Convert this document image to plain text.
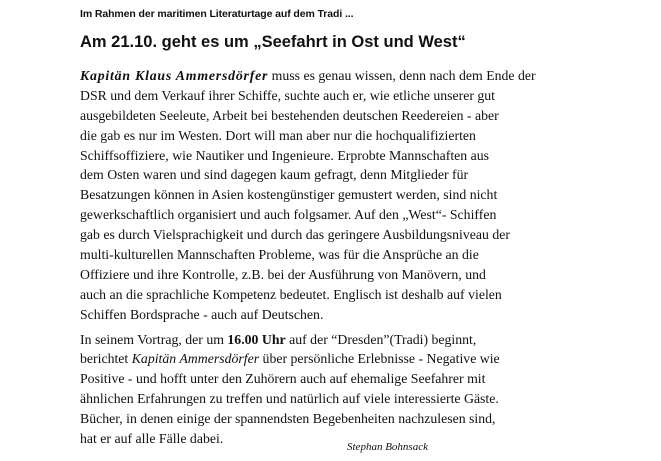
Im Rahmen der maritimen Literaturtage auf dem Tradi ...
Am 21.10. geht es um „Seefahrt in Ost und West“
Kapitän Klaus Ammersdörfer muss es genau wissen, denn nach dem Ende der
DSR und dem Verkauf ihrer Schiffe, suchte auch er, wie etliche unserer gut
ausgebildeten Seeleute, Arbeit bei bestehenden deutschen Reedereien - aber
die gab es nur im Westen. Dort will man aber nur die hochqualifizierten
Schiffsoffiziere, wie Nautiker und Ingenieure. Erprobte Mannschaften aus
dem Osten waren und sind dagegen kaum gefragt, denn Mitglieder für
Besatzungen können in Asien kostengünstiger gemustert werden, sind nicht
gewerkschaftlich organisiert und auch folgsamer. Auf den „West“- Schiffen
gab es durch Vielsprachigkeit und durch das geringere Ausbildungsniveau der
multi-kulturellen Mannschaften Probleme, was für die Ansprüche an die
Offiziere und ihre Kontrolle, z.B. bei der Ausführung von Manövern, und
auch an die sprachliche Kompetenz bedeutet. Englisch ist deshalb auf vielen
Schiffen Bordsprache - auch auf Deutschen.
In seinem Vortrag, der um 16.00 Uhr auf der “Dresden”(Tradi) beginnt,
berichtet Kapitän Ammersdörfer über persönliche Erlebnisse - Negative wie
Positive - und hofft unter den Zuhörern auch auf ehemalige Seefahrer mit
ähnlichen Erfahrungen zu treffen und natürlich auf viele interessierte Gäste.
Bücher, in denen einige der spannendsten Begebenheiten nachzulesen sind,
hat er auf alle Fälle dabei.
Stephan Bohnsack
